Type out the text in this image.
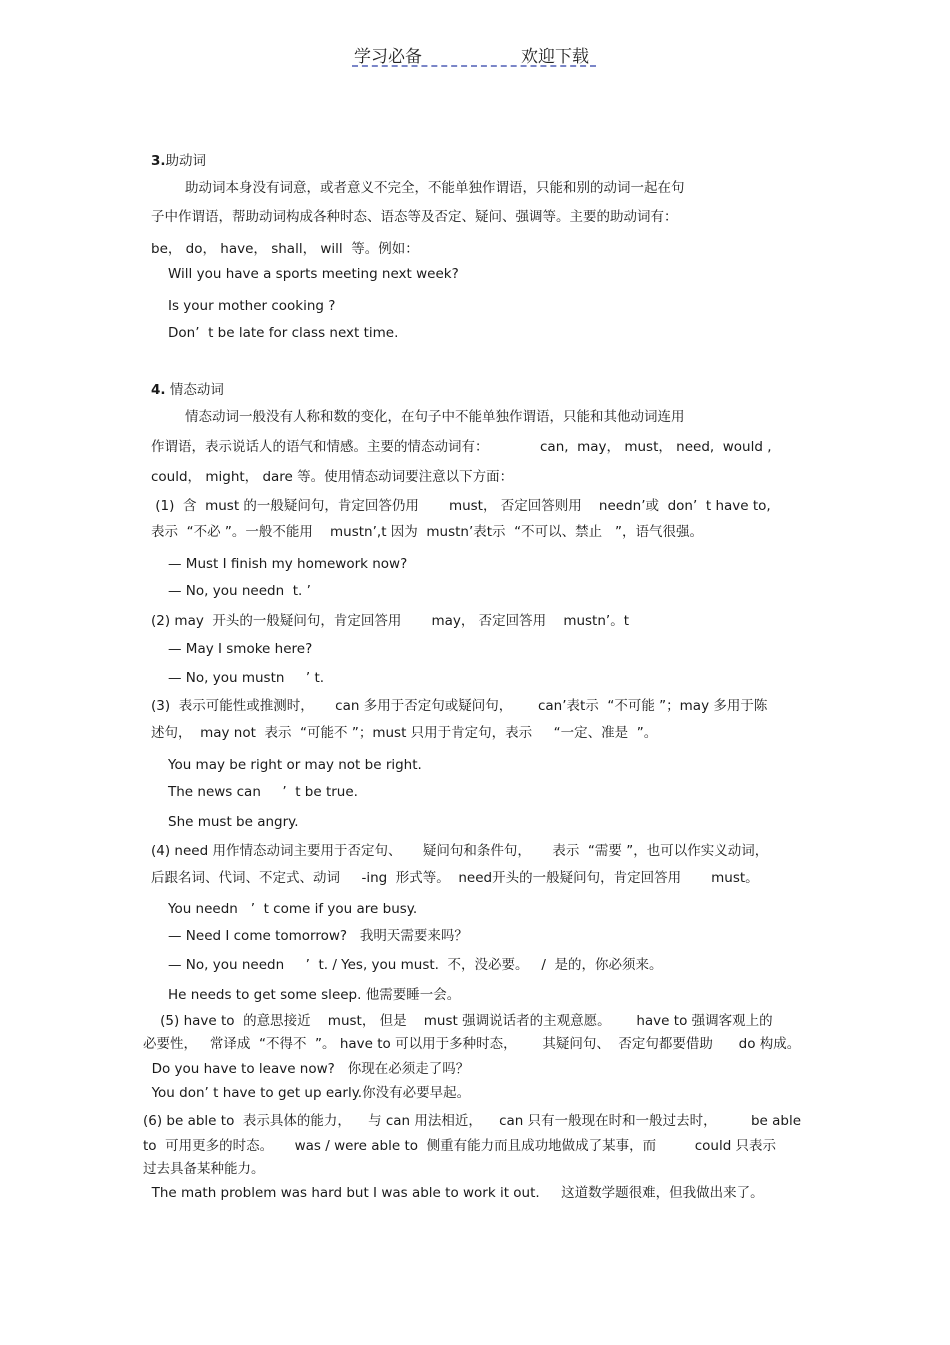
学习必备	欢迎下载
3.助动词
助动词本身没有词意，或者意义不完全，不能单独作谓语，只能和别的动词一起在句
子中作谓语，帮助动词构成各种时态、语态等及否定、疑问、强调等。主要的助动词有：
be， do， have， shall， will  等。例如：
Will you have a sports meeting next week?
Is your mother cooking ?
Don’  t be late for class next time.
4. 情态动词
情态动词一般没有人称和数的变化，在句子中不能单独作谓语，只能和其他动词连用
作谓语，表示说话人的语气和情感。主要的情态动词有：            can,  may， must， need,  would ,
could， might， dare 等。使用情态动词要注意以下方面：
(1)  含  must 的一般疑问句，肯定回答仍用       must， 否定回答则用    needn’或  don’  t have to,
表示  “不必 ”。一般不能用    mustn’,t 因为  mustn’表t示  “不可以、禁止   ”，语气很强。
— Must I finish my homework now?
— No, you needn  t. ’
(2) may  开头的一般疑问句，肯定回答用       may， 否定回答用    mustn’。t
— May I smoke here?
— No, you mustn     ’ t.
(3)  表示可能性或推测时，     can 多用于否定句或疑问句，      can’表t示  “不可能 ”；may 多用于陈
述句，  may not  表示  “可能不 ”；must 只用于肯定句，表示     “一定、准是  ”。
You may be right or may not be right.
The news can     ’  t be true.
She must be angry.
(4) need 用作情态动词主要用于否定句、     疑问句和条件句，     表示  “需要 ”，也可以作实义动词，
后跟名词、代词、不定式、动词     -ing  形式等。  need开头的一般疑问句，肯定回答用       must。
You needn   ’  t come if you are busy.
— Need I come tomorrow?   我明天需要来吗？
— No, you needn     ’  t. / Yes, you must.  不，没必要。   /  是的，你必须来。
He needs to get some sleep. 他需要睡一会。
(5) have to  的意思接近    must， 但是    must 强调说话者的主观意愿。      have to 强调客观上的
必要性，   常译成  “不得不  ”。 have to 可以用于多种时态，      其疑问句、  否定句都要借助      do 构成。
Do you have to leave now?   你现在必须走了吗？
You don’ t have to get up early.你没有必要早起。
(6) be able to  表示具体的能力，    与 can 用法相近，    can 只有一般现在时和一般过去时，        be able
to  可用更多的时态。     was / were able to  侧重有能力而且成功地做成了某事，而         could 只表示
过去具备某种能力。
The math problem was hard but I was able to work it out.     这道数学题很难，但我做出来了。
